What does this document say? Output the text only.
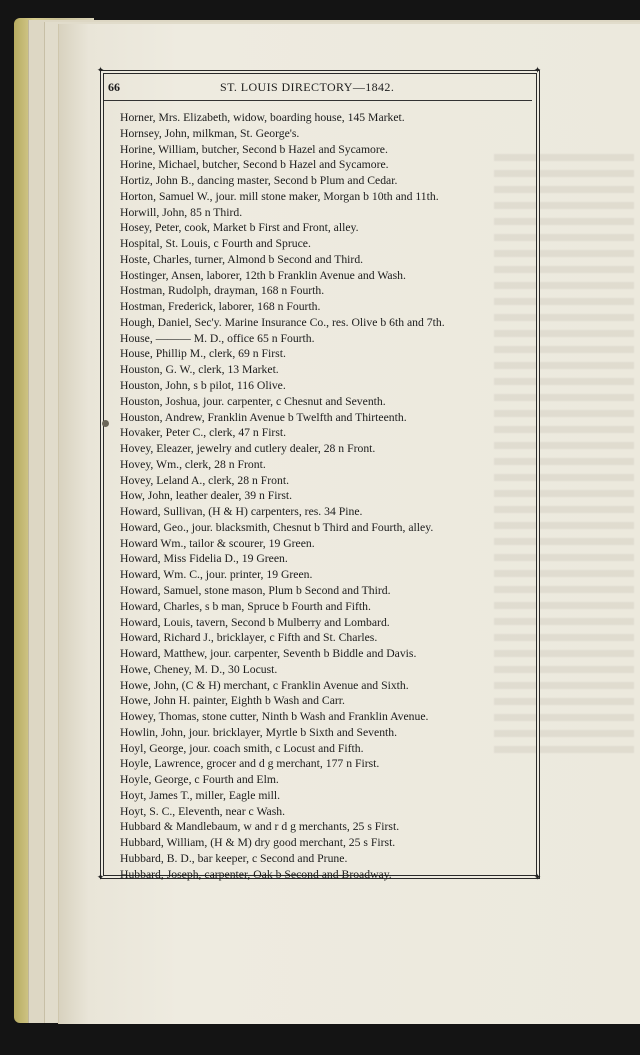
✦	✦
✦	✦
66	ST. LOUIS DIRECTORY—1842.
Horner, Mrs. Elizabeth, widow, boarding house, 145 Market.
Hornsey, John, milkman, St. George's.
Horine, William, butcher, Second b Hazel and Sycamore.
Horine, Michael, butcher, Second b Hazel and Sycamore.
Hortiz, John B., dancing master, Second b Plum and Cedar.
Horton, Samuel W., jour. mill stone maker, Morgan b 10th and 11th.
Horwill, John, 85 n Third.
Hosey, Peter, cook, Market b First and Front, alley.
Hospital, St. Louis, c Fourth and Spruce.
Hoste, Charles, turner, Almond b Second and Third.
Hostinger, Ansen, laborer, 12th b Franklin Avenue and Wash.
Hostman, Rudolph, drayman, 168 n Fourth.
Hostman, Frederick, laborer, 168 n Fourth.
Hough, Daniel, Sec'y. Marine Insurance Co., res. Olive b 6th and 7th.
House, ——— M. D., office 65 n Fourth.
House, Phillip M., clerk, 69 n First.
Houston, G. W., clerk, 13 Market.
Houston, John, s b pilot, 116 Olive.
Houston, Joshua, jour. carpenter, c Chesnut and Seventh.
Houston, Andrew, Franklin Avenue b Twelfth and Thirteenth.
Hovaker, Peter C., clerk, 47 n First.
Hovey, Eleazer, jewelry and cutlery dealer, 28 n Front.
Hovey, Wm., clerk, 28 n Front.
Hovey, Leland A., clerk, 28 n Front.
How, John, leather dealer, 39 n First.
Howard, Sullivan, (H & H) carpenters, res. 34 Pine.
Howard, Geo., jour. blacksmith, Chesnut b Third and Fourth, alley.
Howard Wm., tailor & scourer, 19 Green.
Howard, Miss Fidelia D., 19 Green.
Howard, Wm. C., jour. printer, 19 Green.
Howard, Samuel, stone mason, Plum b Second and Third.
Howard, Charles, s b man, Spruce b Fourth and Fifth.
Howard, Louis, tavern, Second b Mulberry and Lombard.
Howard, Richard J., bricklayer, c Fifth and St. Charles.
Howard, Matthew, jour. carpenter, Seventh b Biddle and Davis.
Howe, Cheney, M. D., 30 Locust.
Howe, John, (C & H) merchant, c Franklin Avenue and Sixth.
Howe, John H. painter, Eighth b Wash and Carr.
Howey, Thomas, stone cutter, Ninth b Wash and Franklin Avenue.
Howlin, John, jour. bricklayer, Myrtle b Sixth and Seventh.
Hoyl, George, jour. coach smith, c Locust and Fifth.
Hoyle, Lawrence, grocer and d g merchant, 177 n First.
Hoyle, George, c Fourth and Elm.
Hoyt, James T., miller, Eagle mill.
Hoyt, S. C., Eleventh, near c Wash.
Hubbard & Mandlebaum, w and r d g merchants, 25 s First.
Hubbard, William, (H & M) dry good merchant, 25 s First.
Hubbard, B. D., bar keeper, c Second and Prune.
Hubbard, Joseph, carpenter, Oak b Second and Broadway.
